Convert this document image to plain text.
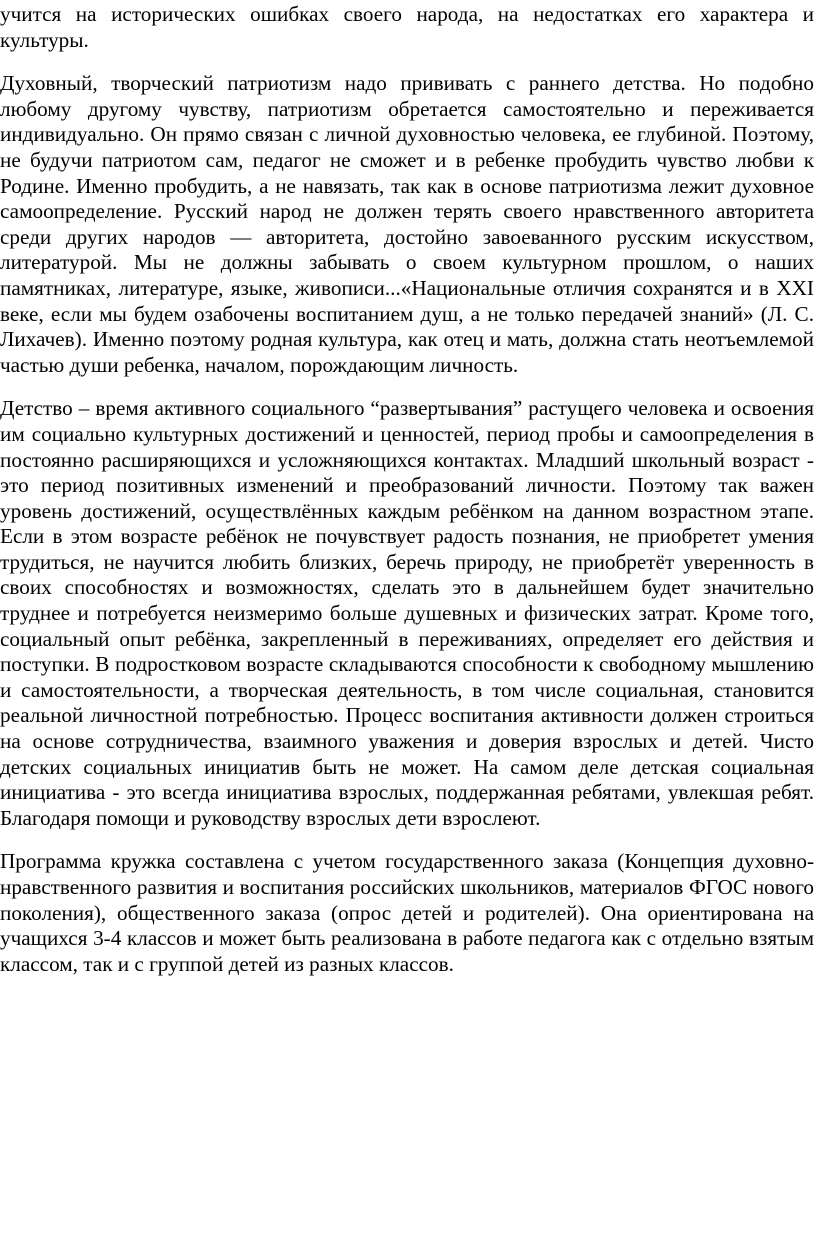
учится на исторических ошибках своего народа, на недостатках его характера и культуры.

Духовный, творческий патриотизм надо прививать с раннего детства. Но подобно любому другому чувству, патриотизм обретается самостоятельно и переживается индивидуально. Он прямо связан с личной духовностью человека, ее глубиной. Поэтому, не будучи патриотом сам, педагог не сможет и в ребенке пробудить чувство любви к Родине. Именно пробудить, а не навязать, так как в основе патриотизма лежит духовное самоопределение. Русский народ не должен терять своего нравственного авторитета среди других народов — авторитета, достойно завоеванного русским искусством, литературой. Мы не должны забывать о своем культурном прошлом, о наших памятниках, литературе, языке, живописи...«Национальные отличия сохранятся и в XXI веке, если мы будем озабочены воспитанием душ, а не только передачей знаний» (Л. С. Лихачев). Именно поэтому родная культура, как отец и мать, должна стать неотъемлемой частью души ребенка, началом, порождающим личность.

Детство – время активного социального “развертывания” растущего человека и освоения им социально культурных достижений и ценностей, период пробы и самоопределения в постоянно расширяющихся и усложняющихся контактах. Младший школьный возраст - это период позитивных изменений и преобразований личности. Поэтому так важен уровень достижений, осуществлённых каждым ребёнком на данном возрастном этапе. Если в этом возрасте ребёнок не почувствует радость познания, не приобретет умения трудиться, не научится любить близких, беречь природу, не приобретёт уверенность в своих способностях и возможностях, сделать это в дальнейшем будет значительно труднее и потребуется неизмеримо больше душевных и физических затрат. Кроме того, социальный опыт ребёнка, закрепленный в переживаниях, определяет его действия и поступки. В подростковом возрасте складываются способности к свободному мышлению и самостоятельности, а творческая деятельность, в том числе социальная, становится реальной личностной потребностью. Процесс воспитания активности должен строиться на основе сотрудничества, взаимного уважения и доверия взрослых и детей. Чисто детских социальных инициатив быть не может. На самом деле детская социальная инициатива - это всегда инициатива взрослых, поддержанная ребятами, увлекшая ребят. Благодаря помощи и руководству взрослых дети взрослеют.

Программа кружка составлена с учетом государственного заказа (Концепция духовно-нравственного развития и воспитания российских школьников, материалов ФГОС нового поколения), общественного заказа (опрос детей и родителей). Она ориентирована на учащихся 3-4 классов и может быть реализована в работе педагога как с отдельно взятым классом, так и с группой детей из разных классов.
